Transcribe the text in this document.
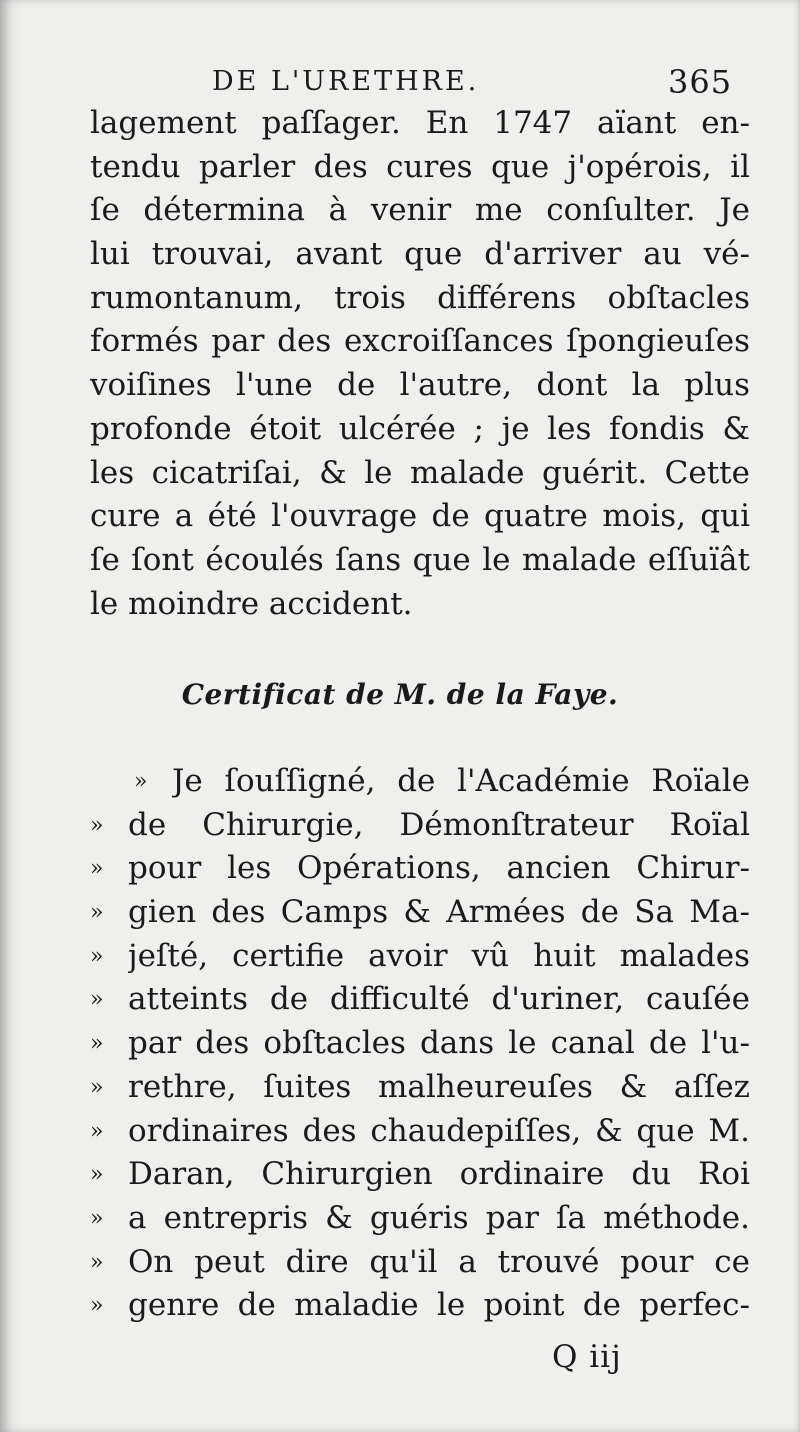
DE L'URETHRE.	365
lagement paſſager. En 1747 aïant en-
tendu parler des cures que j'opérois, il
ſe détermina à venir me conſulter. Je
lui trouvai, avant que d'arriver au vé-
rumontanum, trois différens obſtacles
formés par des excroiſſances ſpongieuſes
voiſines l'une de l'autre, dont la plus
profonde étoit ulcérée ; je les fondis &
les cicatriſai, & le malade guérit. Cette
cure a été l'ouvrage de quatre mois, qui
ſe ſont écoulés ſans que le malade eſſuïât
le moindre accident.
Certificat de M. de la Faye.
» Je ſouſſigné, de l'Académie Roïale
» de Chirurgie, Démonſtrateur Roïal
» pour les Opérations, ancien Chirur-
» gien des Camps & Armées de Sa Ma-
» jeſté, certifie avoir vû huit malades
» atteints de difficulté d'uriner, cauſée
» par des obſtacles dans le canal de l'u-
» rethre, ſuites malheureuſes & aſſez
» ordinaires des chaudepiſſes, & que M.
» Daran, Chirurgien ordinaire du Roi
» a entrepris & guéris par ſa méthode.
» On peut dire qu'il a trouvé pour ce
» genre de maladie le point de perfec-
Q iij
